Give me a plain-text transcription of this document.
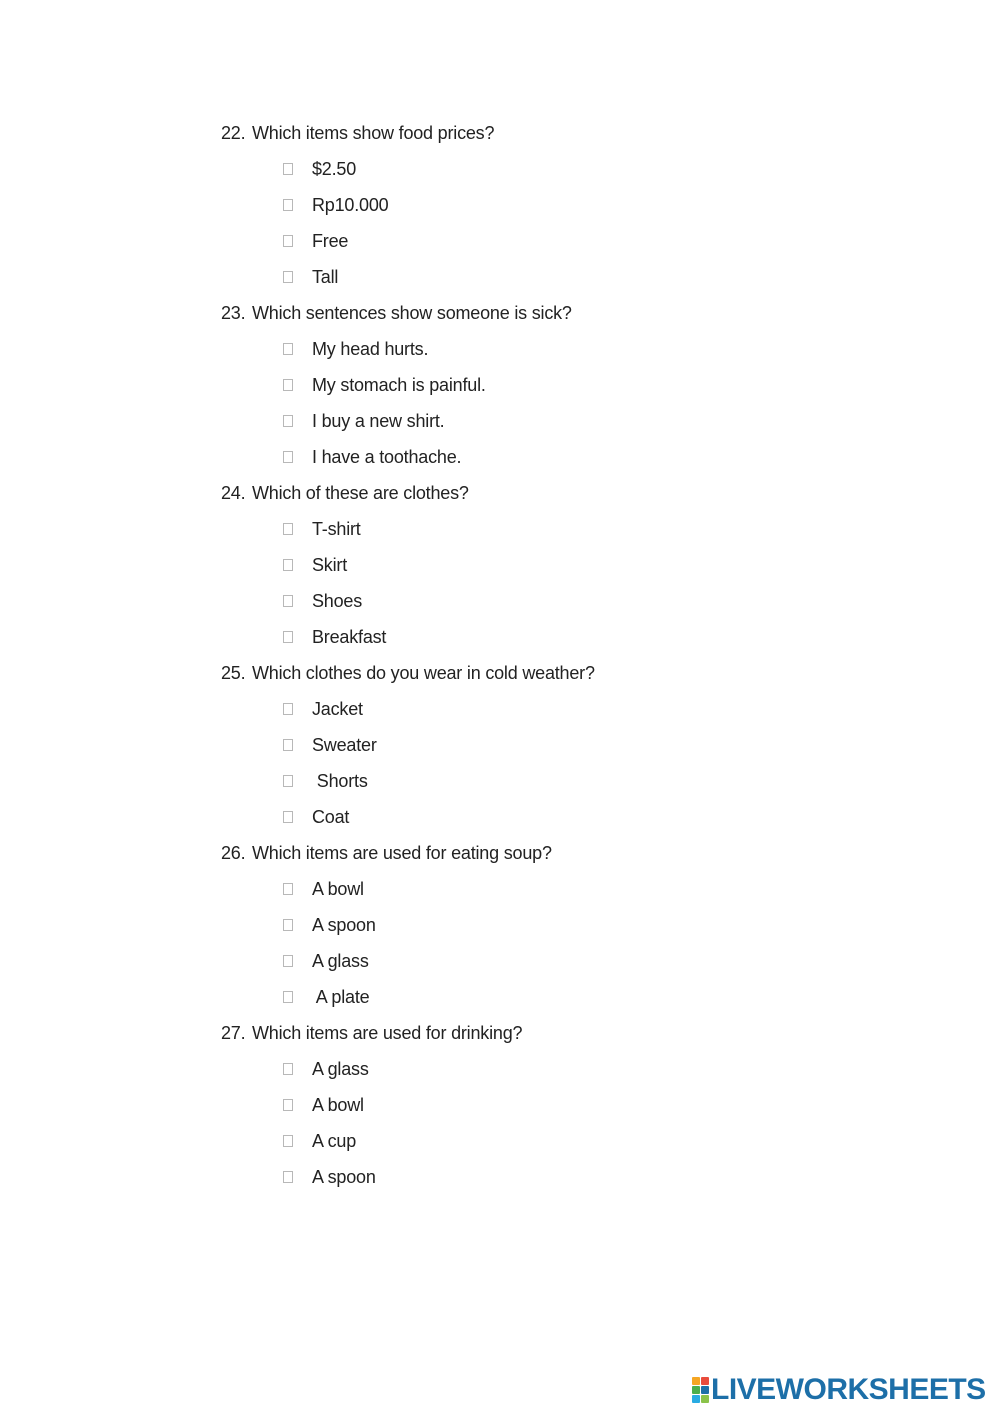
22. Which items show food prices?
$2.50
Rp10.000
Free
Tall
23. Which sentences show someone is sick?
My head hurts.
My stomach is painful.
I buy a new shirt.
I have a toothache.
24. Which of these are clothes?
T-shirt
Skirt
Shoes
Breakfast
25. Which clothes do you wear in cold weather?
Jacket
Sweater
Shorts
Coat
26. Which items are used for eating soup?
A bowl
A spoon
A glass
A plate
27. Which items are used for drinking?
A glass
A bowl
A cup
A spoon
LIVEWORKSHEETS
